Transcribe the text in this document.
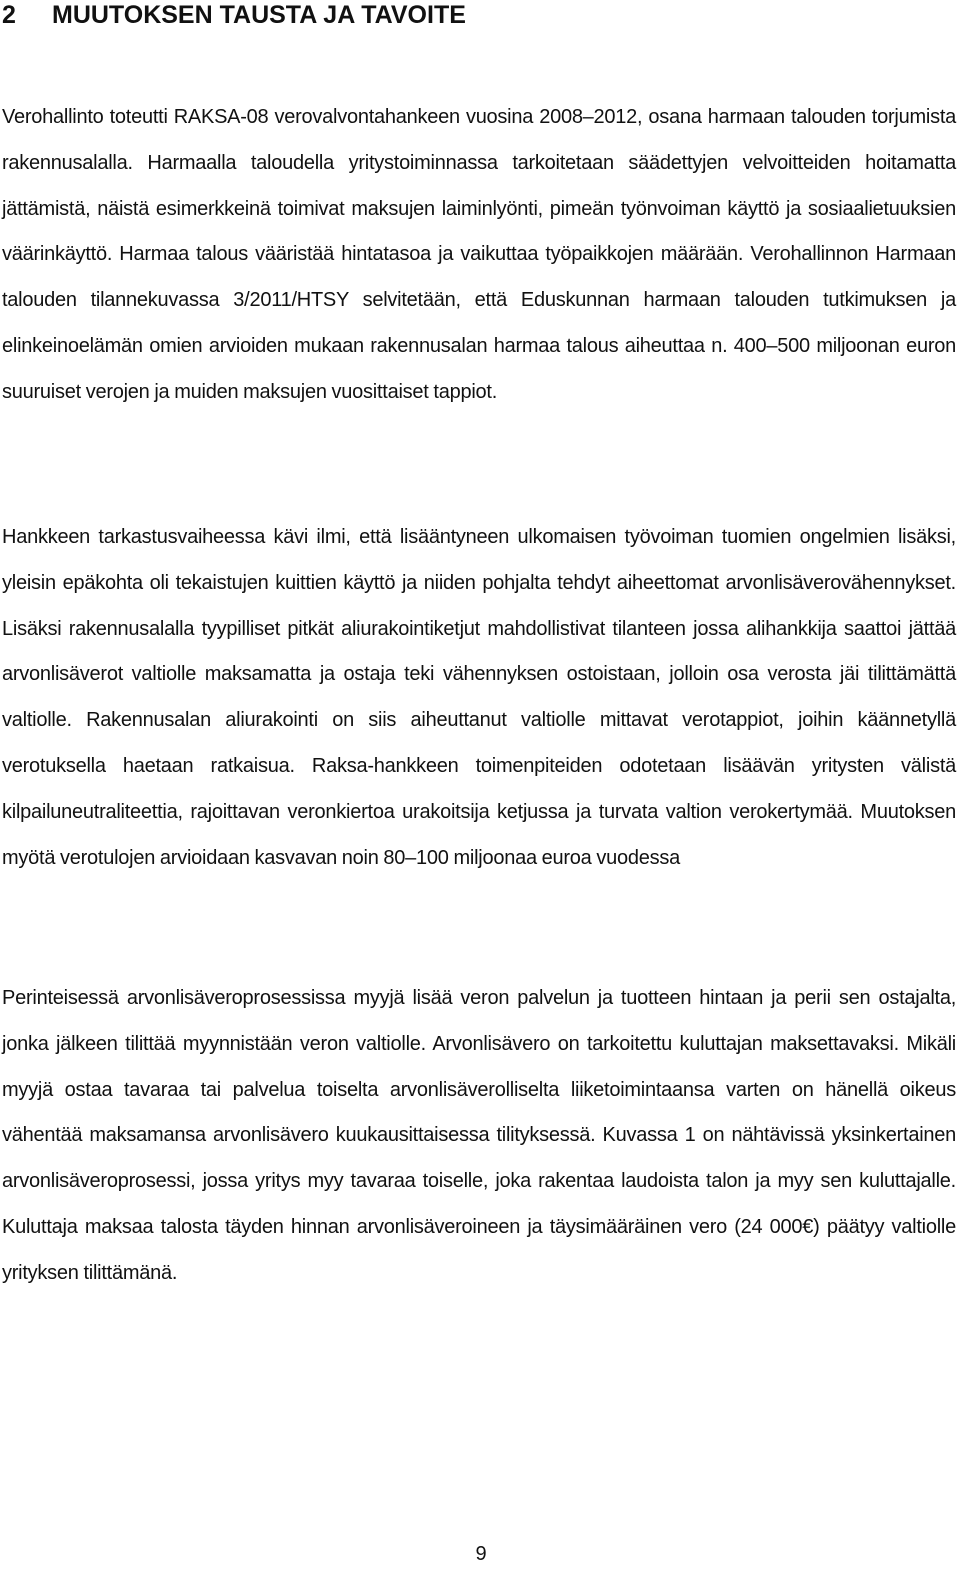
2 MUUTOKSEN TAUSTA JA TAVOITE

Verohallinto toteutti RAKSA-08 verovalvontahankeen vuosina 2008–2012, osana harmaan talouden torjumista rakennusalalla. Harmaalla taloudella yritystoiminnassa tarkoitetaan säädettyjen velvoitteiden hoitamatta jättämistä, näistä esimerkkeinä toimivat maksujen laiminlyönti, pimeän työnvoiman käyttö ja sosiaalietuuksien väärinkäyttö. Harmaa talous vääristää hintatasoa ja vaikuttaa työpaikkojen määrään. Verohallinnon Harmaan talouden tilannekuvassa 3/2011/HTSY selvitetään, että Eduskunnan harmaan talouden tutkimuksen ja elinkeinoelämän omien arvioiden mukaan rakennusalan harmaa talous aiheuttaa n. 400–500 miljoonan euron suuruiset verojen ja muiden maksujen vuosittaiset tappiot.

Hankkeen tarkastusvaiheessa kävi ilmi, että lisääntyneen ulkomaisen työvoiman tuomien ongelmien lisäksi, yleisin epäkohta oli tekaistujen kuittien käyttö ja niiden pohjalta tehdyt aiheettomat arvonlisäverovähennykset. Lisäksi rakennusalalla tyypilliset pitkät aliurakointiketjut mahdollistivat tilanteen jossa alihankkija saattoi jättää arvonlisäverot valtiolle maksamatta ja ostaja teki vähennyksen ostoistaan, jolloin osa verosta jäi tilittämättä valtiolle. Rakennusalan aliurakointi on siis aiheuttanut valtiolle mittavat verotappiot, joihin käännetyllä verotuksella haetaan ratkaisua. Raksa-hankkeen toimenpiteiden odotetaan lisäävän yritysten välistä kilpailuneutraliteettia, rajoittavan veronkiertoa urakoitsija ketjussa ja turvata valtion verokertymää. Muutoksen myötä verotulojen arvioidaan kasvavan noin 80–100 miljoonaa euroa vuodessa

Perinteisessä arvonlisäveroprosessissa myyjä lisää veron palvelun ja tuotteen hintaan ja perii sen ostajalta, jonka jälkeen tilittää myynnistään veron valtiolle. Arvonlisävero on tarkoitettu kuluttajan maksettavaksi. Mikäli myyjä ostaa tavaraa tai palvelua toiselta arvonlisäverolliselta liiketoimintaansa varten on hänellä oikeus vähentää maksamansa arvonlisävero kuukausittaisessa tilityksessä. Kuvassa 1 on nähtävissä yksinkertainen arvonlisäveroprosessi, jossa yritys myy tavaraa toiselle, joka rakentaa laudoista talon ja myy sen kuluttajalle. Kuluttaja maksaa talosta täyden hinnan arvonlisäveroineen ja täysimääräinen vero (24 000€) päätyy valtiolle yrityksen tilittämänä.

9
